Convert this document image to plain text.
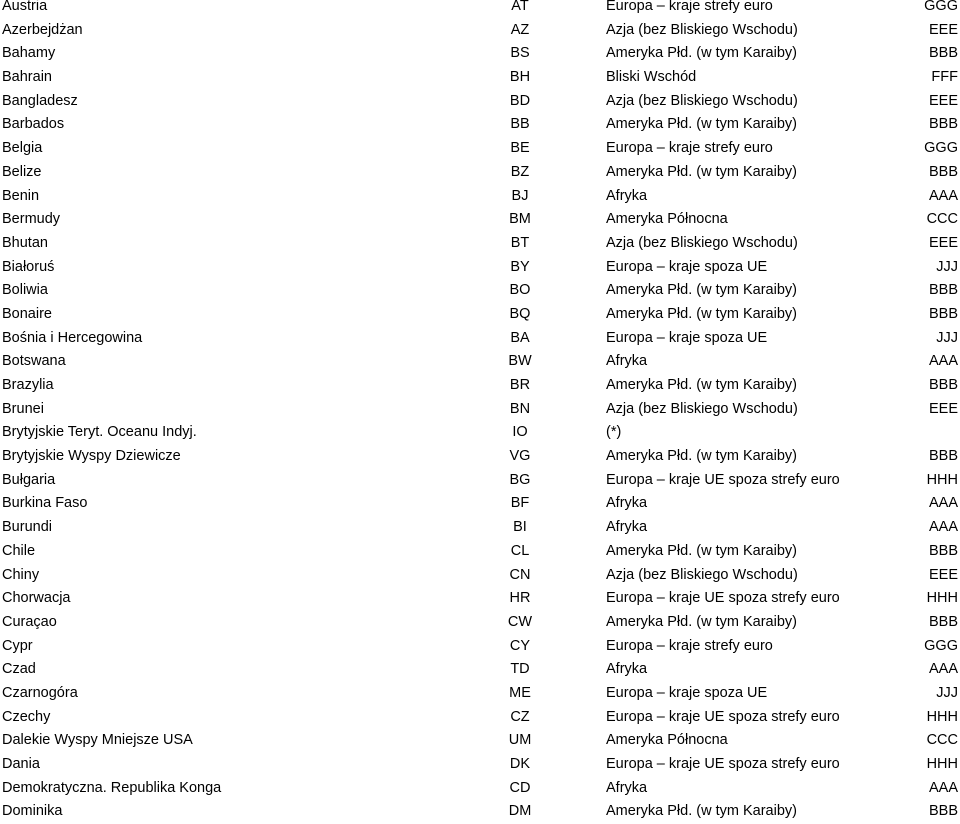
Austria	AT	Europa – kraje strefy euro	GGG
Azerbejdżan	AZ	Azja (bez Bliskiego Wschodu)	EEE
Bahamy	BS	Ameryka Płd. (w tym Karaiby)	BBB
Bahrain	BH	Bliski Wschód	FFF
Bangladesz	BD	Azja (bez Bliskiego Wschodu)	EEE
Barbados	BB	Ameryka Płd. (w tym Karaiby)	BBB
Belgia	BE	Europa – kraje strefy euro	GGG
Belize	BZ	Ameryka Płd. (w tym Karaiby)	BBB
Benin	BJ	Afryka	AAA
Bermudy	BM	Ameryka Północna	CCC
Bhutan	BT	Azja (bez Bliskiego Wschodu)	EEE
Białoruś	BY	Europa – kraje spoza UE	JJJ
Boliwia	BO	Ameryka Płd. (w tym Karaiby)	BBB
Bonaire	BQ	Ameryka Płd. (w tym Karaiby)	BBB
Bośnia i Hercegowina	BA	Europa – kraje spoza UE	JJJ
Botswana	BW	Afryka	AAA
Brazylia	BR	Ameryka Płd. (w tym Karaiby)	BBB
Brunei	BN	Azja (bez Bliskiego Wschodu)	EEE
Brytyjskie Teryt. Oceanu Indyj.	IO	(*)
Brytyjskie Wyspy Dziewicze	VG	Ameryka Płd. (w tym Karaiby)	BBB
Bułgaria	BG	Europa – kraje UE spoza strefy euro	HHH
Burkina Faso	BF	Afryka	AAA
Burundi	BI	Afryka	AAA
Chile	CL	Ameryka Płd. (w tym Karaiby)	BBB
Chiny	CN	Azja (bez Bliskiego Wschodu)	EEE
Chorwacja	HR	Europa – kraje UE spoza strefy euro	HHH
Curaçao	CW	Ameryka Płd. (w tym Karaiby)	BBB
Cypr	CY	Europa – kraje strefy euro	GGG
Czad	TD	Afryka	AAA
Czarnogóra	ME	Europa – kraje spoza UE	JJJ
Czechy	CZ	Europa – kraje UE spoza strefy euro	HHH
Dalekie Wyspy Mniejsze USA	UM	Ameryka Północna	CCC
Dania	DK	Europa – kraje UE spoza strefy euro	HHH
Demokratyczna. Republika Konga	CD	Afryka	AAA
Dominika	DM	Ameryka Płd. (w tym Karaiby)	BBB
